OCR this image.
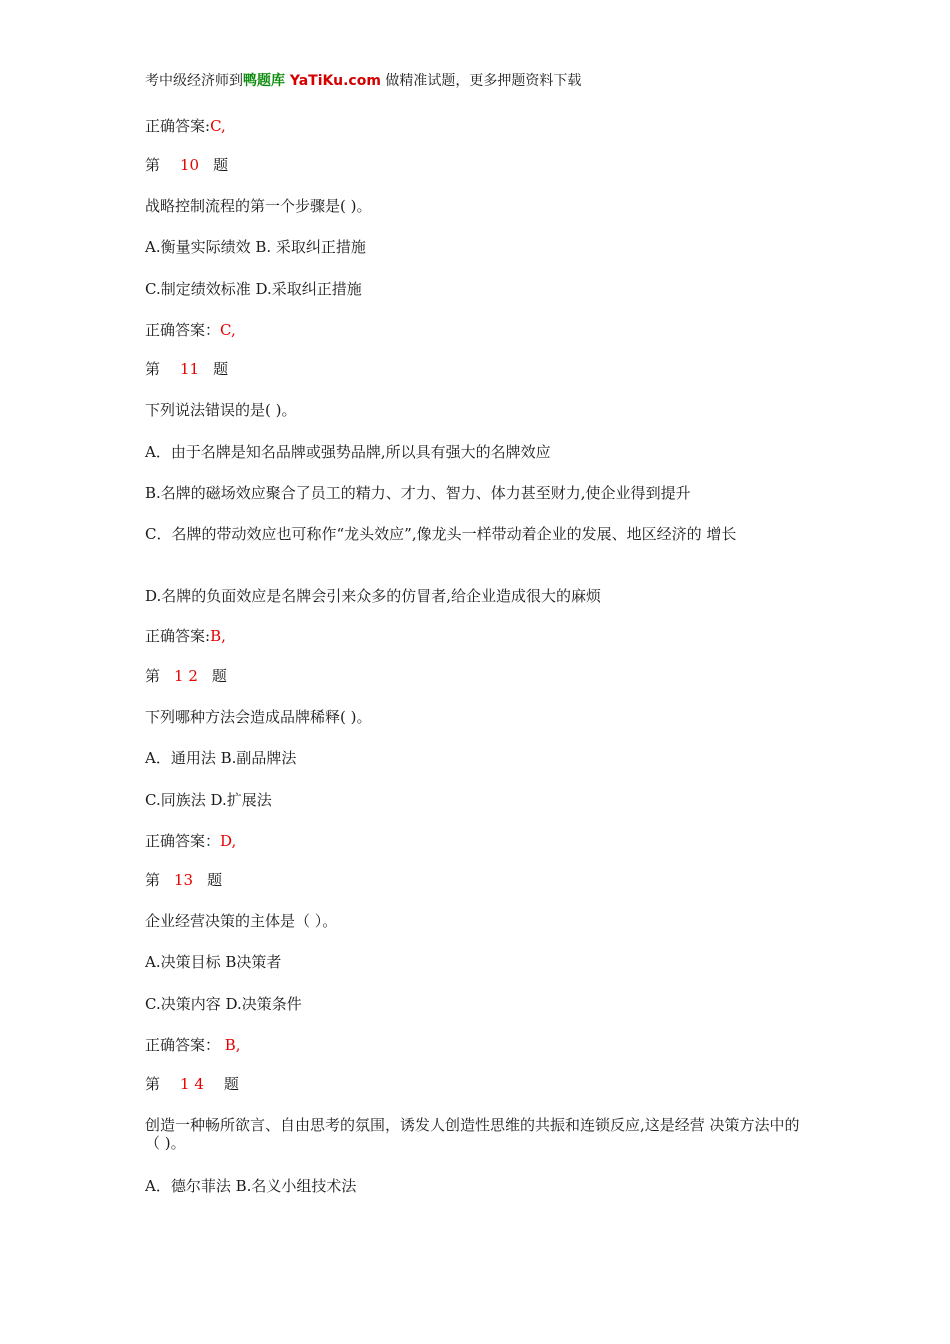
考中级经济师到鸭题库 YaTiKu.com 做精准试题，更多押题资料下载
正确答案:C,
第 10 题
战略控制流程的第一个步骤是( )。
A.衡量实际绩效 B. 采取纠正措施
C.制定绩效标准 D.采取纠正措施
正确答案：C,
第 11 题
下列说法错误的是( )。
A．由于名牌是知名品牌或强势品牌,所以具有强大的名牌效应
B.名牌的磁场效应聚合了员工的精力、才力、智力、体力甚至财力,使企业得到提升
C．名牌的带动效应也可称作“龙头效应”,像龙头一样带动着企业的发展、地区经济的 增长
D.名牌的负面效应是名牌会引来众多的仿冒者,给企业造成很大的麻烦
正确答案:B,
第 1 2 题
下列哪种方法会造成品牌稀释( )。
A．通用法 B.副品牌法
C.同族法 D.扩展法
正确答案：D,
第 13 题
企业经营决策的主体是（ ）。
A.决策目标 B决策者
C.决策内容 D.决策条件
正确答案： B,
第 1 4 题
创造一种畅所欲言、自由思考的氛围，诱发人创造性思维的共振和连锁反应,这是经营 决策方法中的（ )。
A．德尔菲法 B.名义小组技术法
